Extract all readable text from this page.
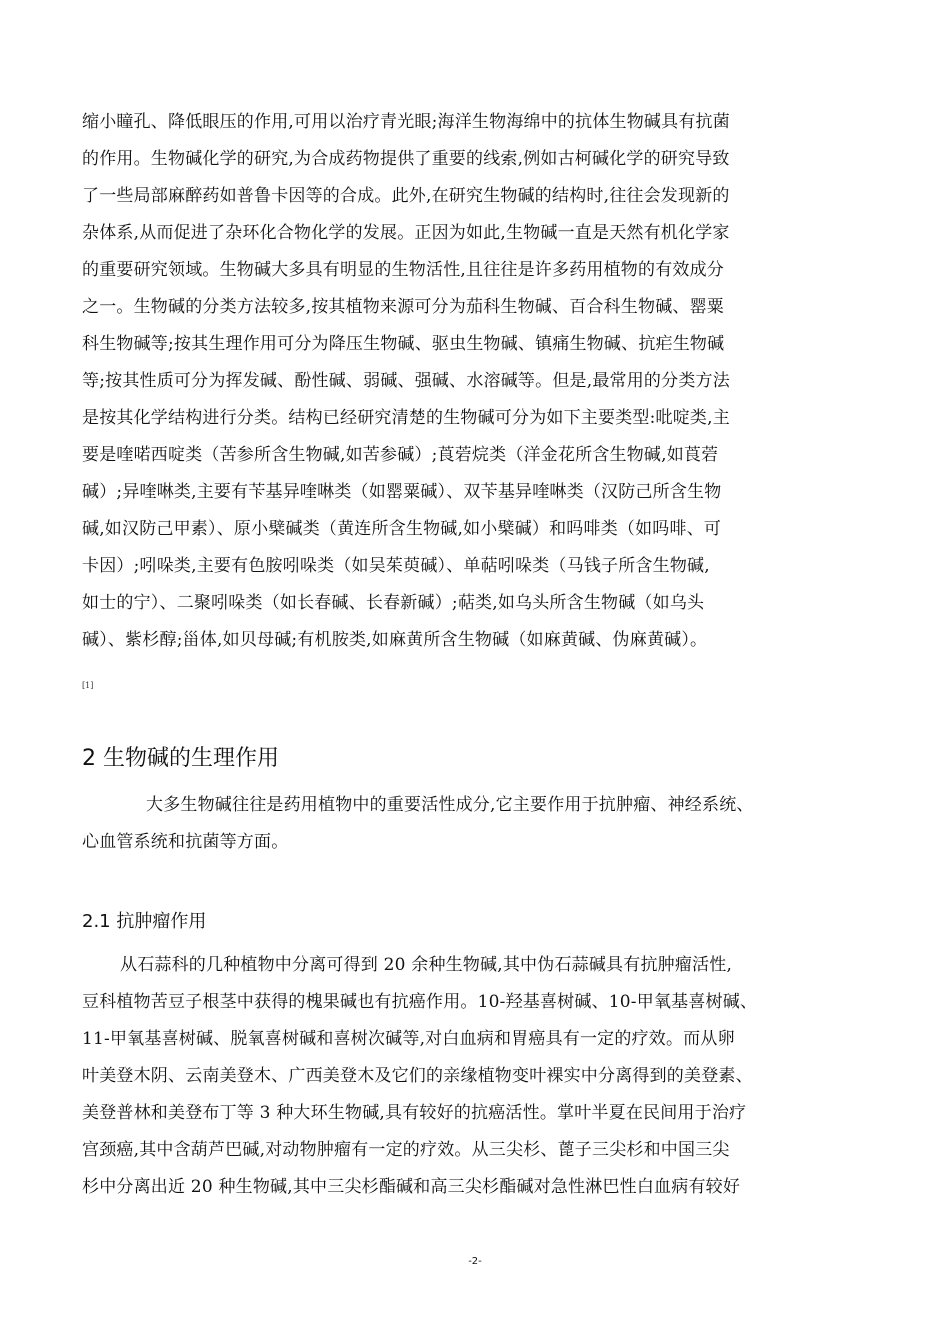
缩小瞳孔、降低眼压的作用,可用以治疗青光眼;海洋生物海绵中的抗体生物碱具有抗菌
的作用。生物碱化学的研究,为合成药物提供了重要的线索,例如古柯碱化学的研究导致
了一些局部麻醉药如普鲁卡因等的合成。此外,在研究生物碱的结构时,往往会发现新的
杂体系,从而促进了杂环化合物化学的发展。正因为如此,生物碱一直是天然有机化学家
的重要研究领域。生物碱大多具有明显的生物活性,且往往是许多药用植物的有效成分
之一。生物碱的分类方法较多,按其植物来源可分为茄科生物碱、百合科生物碱、罂粟
科生物碱等;按其生理作用可分为降压生物碱、驱虫生物碱、镇痛生物碱、抗疟生物碱
等;按其性质可分为挥发碱、酚性碱、弱碱、强碱、水溶碱等。但是,最常用的分类方法
是按其化学结构进行分类。结构已经研究清楚的生物碱可分为如下主要类型:吡啶类,主
要是喹喏西啶类（苦参所含生物碱,如苦参碱）;莨菪烷类（洋金花所含生物碱,如莨菪
碱）;异喹啉类,主要有苄基异喹啉类（如罂粟碱）、双苄基异喹啉类（汉防己所含生物
碱,如汉防己甲素）、原小檗碱类（黄连所含生物碱,如小檗碱）和吗啡类（如吗啡、可
卡因）;吲哚类,主要有色胺吲哚类（如吴茱萸碱）、单萜吲哚类（马钱子所含生物碱,
如士的宁）、二聚吲哚类（如长春碱、长春新碱）;萜类,如乌头所含生物碱（如乌头
碱）、紫杉醇;甾体,如贝母碱;有机胺类,如麻黄所含生物碱（如麻黄碱、伪麻黄碱）。
[1]
2 生物碱的生理作用
大多生物碱往往是药用植物中的重要活性成分,它主要作用于抗肿瘤、神经系统、
心血管系统和抗菌等方面。
2.1 抗肿瘤作用
从石蒜科的几种植物中分离可得到 20 余种生物碱,其中伪石蒜碱具有抗肿瘤活性,
豆科植物苦豆子根茎中获得的槐果碱也有抗癌作用。10-羟基喜树碱、10-甲氧基喜树碱、
11-甲氧基喜树碱、脱氧喜树碱和喜树次碱等,对白血病和胃癌具有一定的疗效。而从卵
叶美登木阴、云南美登木、广西美登木及它们的亲缘植物变叶裸实中分离得到的美登素、
美登普林和美登布丁等 3 种大环生物碱,具有较好的抗癌活性。掌叶半夏在民间用于治疗
宫颈癌,其中含葫芦巴碱,对动物肿瘤有一定的疗效。从三尖杉、蓖子三尖杉和中国三尖
杉中分离出近 20 种生物碱,其中三尖杉酯碱和高三尖杉酯碱对急性淋巴性白血病有较好
-2-
